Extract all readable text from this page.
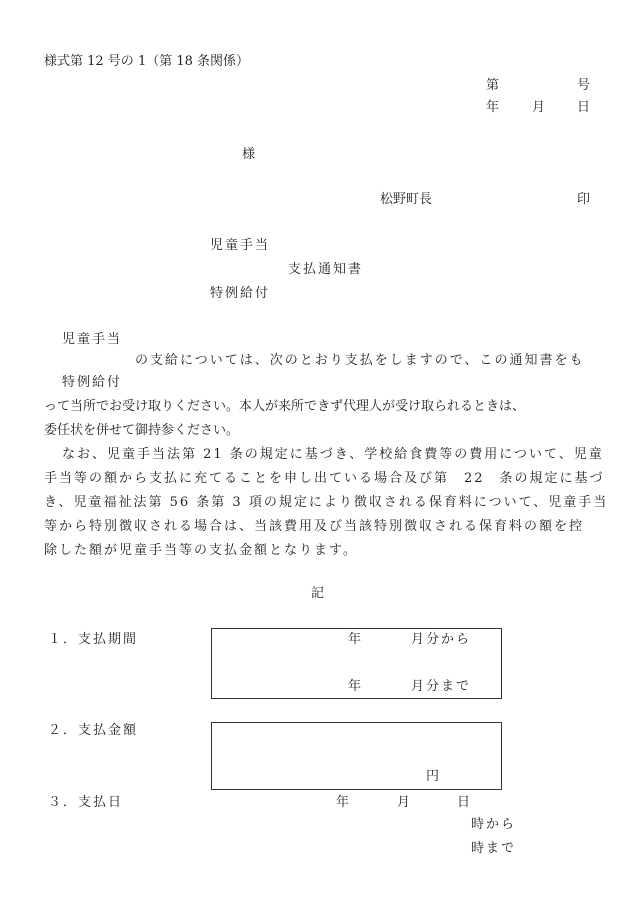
様式第 12 号の 1（第 18 条関係）
第	号
年	月 日
様
松野町長	印
児童手当
支払通知書
特例給付
児童手当
の支給については、次のとおり支払をしますので、この通知書をも
特例給付
って当所でお受け取りください。本人が来所できず代理人が受け取られるときは、
委任状を併せて御持参ください。
なお、児童手当法第 21 条の規定に基づき、学校給食費等の費用について、児童
手当等の額から支払に充てることを申し出ている場合及び第　22　条の規定に基づ
き、児童福祉法第 56 条第 3 項の規定により徴収される保育料について、児童手当
等から特別徴収される場合は、当該費用及び当該特別徴収される保育料の額を控
除した額が児童手当等の支払金額となります。
記
１．支払期間	年	月分から
年	月分まで
２．支払金額
円
３．支払日	年	月	日
時から
時まで
